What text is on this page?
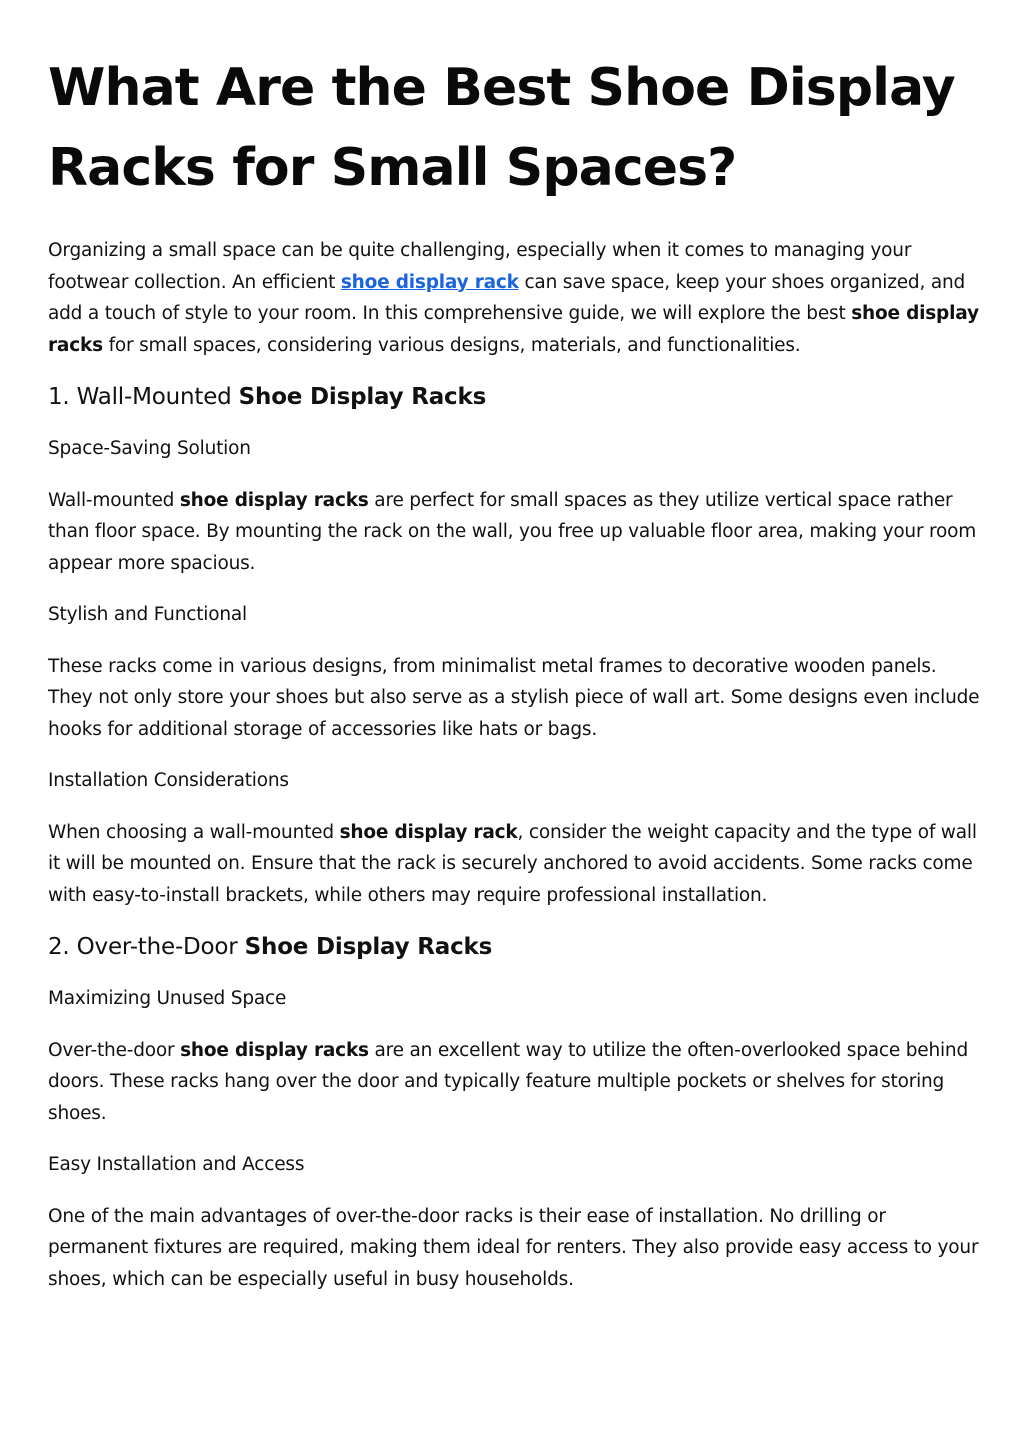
What Are the Best Shoe Display Racks for Small Spaces?

Organizing a small space can be quite challenging, especially when it comes to managing your footwear collection. An efficient shoe display rack can save space, keep your shoes organized, and add a touch of style to your room. In this comprehensive guide, we will explore the best shoe display racks for small spaces, considering various designs, materials, and functionalities.

1. Wall-Mounted Shoe Display Racks

Space-Saving Solution

Wall-mounted shoe display racks are perfect for small spaces as they utilize vertical space rather than floor space. By mounting the rack on the wall, you free up valuable floor area, making your room appear more spacious.

Stylish and Functional

These racks come in various designs, from minimalist metal frames to decorative wooden panels. They not only store your shoes but also serve as a stylish piece of wall art. Some designs even include hooks for additional storage of accessories like hats or bags.

Installation Considerations

When choosing a wall-mounted shoe display rack, consider the weight capacity and the type of wall it will be mounted on. Ensure that the rack is securely anchored to avoid accidents. Some racks come with easy-to-install brackets, while others may require professional installation.

2. Over-the-Door Shoe Display Racks

Maximizing Unused Space

Over-the-door shoe display racks are an excellent way to utilize the often-overlooked space behind doors. These racks hang over the door and typically feature multiple pockets or shelves for storing shoes.

Easy Installation and Access

One of the main advantages of over-the-door racks is their ease of installation. No drilling or permanent fixtures are required, making them ideal for renters. They also provide easy access to your shoes, which can be especially useful in busy households.
